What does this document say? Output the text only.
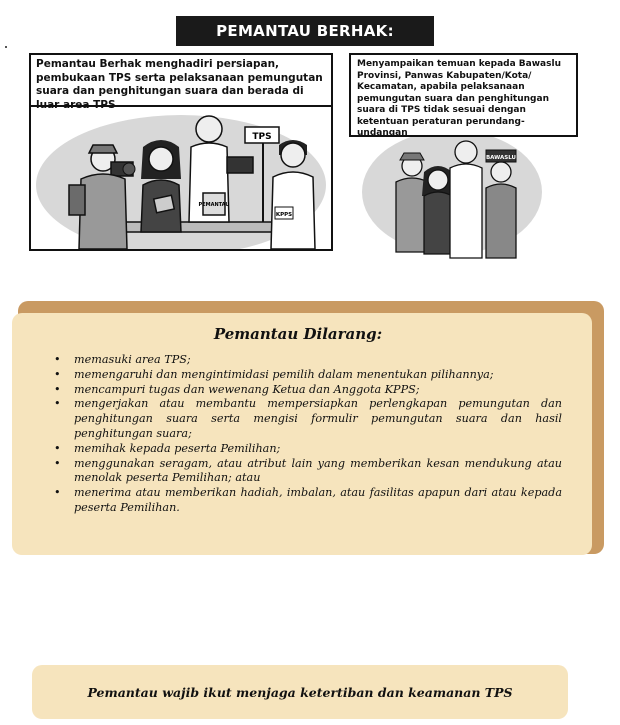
PEMANTAU BERHAK:
Pemantau Berhak menghadiri persiapan, pembukaan TPS serta pelaksanaan pemungutan suara dan penghitungan suara dan berada di luar area TPS
PEMANTAU
TPS
KPPS
Menyampaikan temuan kepada Bawaslu Provinsi, Panwas Kabupaten/Kota/ Kecamatan, apabila pelaksanaan pemungutan suara dan penghitungan suara di TPS tidak sesuai dengan ketentuan peraturan perundang-undangan
BAWASLU
Pemantau Dilarang:
• memasuki area TPS;
• memengaruhi dan mengintimidasi pemilih dalam menentukan pilihannya;
• mencampuri tugas dan wewenang Ketua dan Anggota KPPS;
• mengerjakan atau membantu mempersiapkan perlengkapan pemungutan dan penghitungan suara serta mengisi formulir pemungutan suara dan hasil penghitungan suara;
• memihak kepada peserta Pemilihan;
• menggunakan seragam, atau atribut lain yang memberikan kesan mendukung atau menolak peserta Pemilihan; atau
• menerima atau memberikan hadiah, imbalan, atau fasilitas apapun dari atau kepada peserta Pemilihan.
Pemantau wajib ikut menjaga ketertiban dan keamanan TPS
